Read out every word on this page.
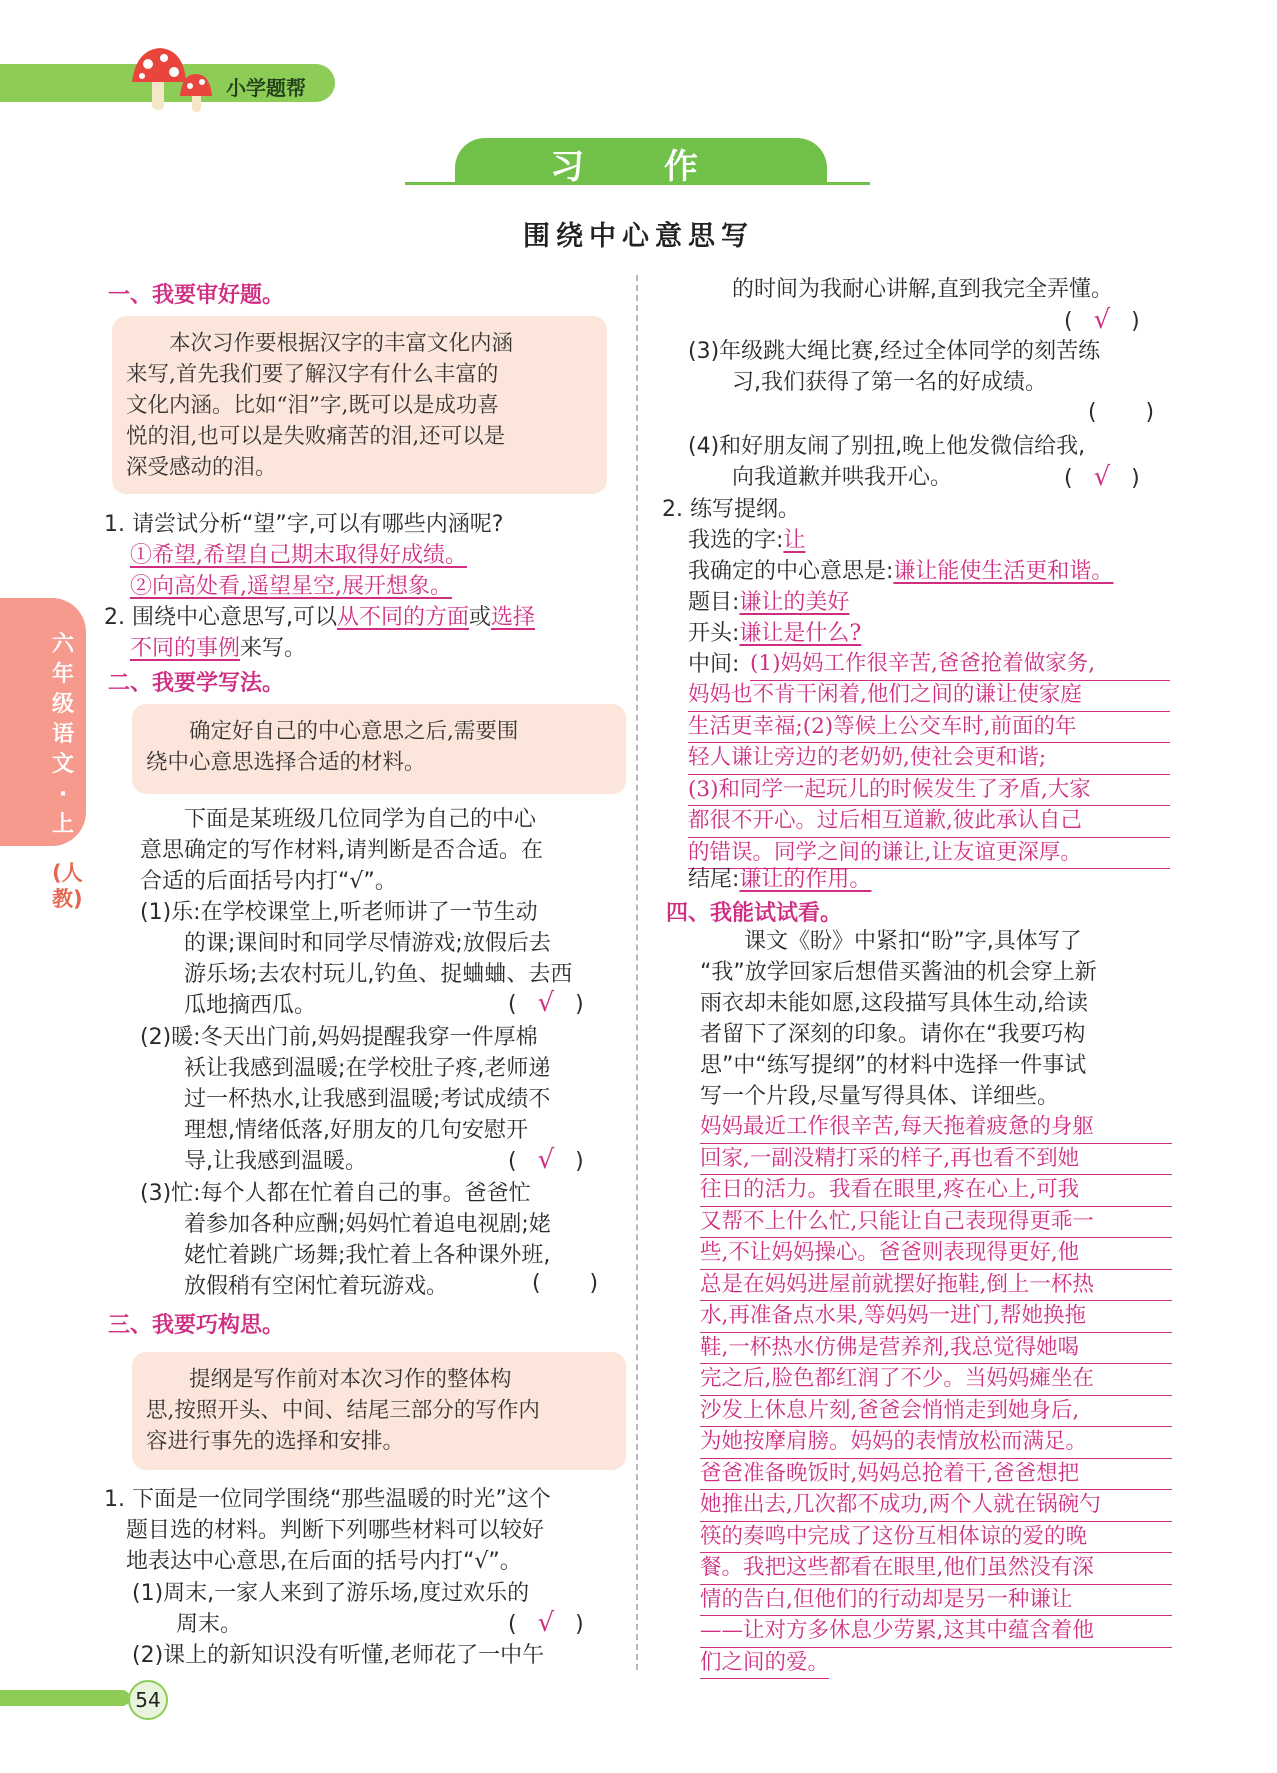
小学题帮
习 作
围绕中心意思写
六年级语文·上
(人教)
一、我要审好题。
　　本次习作要根据汉字的丰富文化内涵
来写,首先我们要了解汉字有什么丰富的
文化内涵。比如“泪”字,既可以是成功喜
悦的泪,也可以是失败痛苦的泪,还可以是
深受感动的泪。
1. 请尝试分析“望”字,可以有哪些内涵呢?
①希望,希望自己期末取得好成绩。
②向高处看,遥望星空,展开想象。
2. 围绕中心意思写,可以从不同的方面或选择
不同的事例来写。
二、我要学写法。
　　确定好自己的中心意思之后,需要围
绕中心意思选择合适的材料。
　　下面是某班级几位同学为自己的中心
意思确定的写作材料,请判断是否合适。在
合适的后面括号内打“√”。
(1)乐:在学校课堂上,听老师讲了一节生动
　　的课;课间时和同学尽情游戏;放假后去
　　游乐场;去农村玩儿,钓鱼、捉蛐蛐、去西
　　瓜地摘西瓜。	(   √   )
(2)暖:冬天出门前,妈妈提醒我穿一件厚棉
　　袄让我感到温暖;在学校肚子疼,老师递
　　过一杯热水,让我感到温暖;考试成绩不
　　理想,情绪低落,好朋友的几句安慰开
　　导,让我感到温暖。	(   √   )
(3)忙:每个人都在忙着自己的事。爸爸忙
　　着参加各种应酬;妈妈忙着追电视剧;姥
　　姥忙着跳广场舞;我忙着上各种课外班,
　　放假稍有空闲忙着玩游戏。	(       )
三、我要巧构思。
　　提纲是写作前对本次习作的整体构
思,按照开头、中间、结尾三部分的写作内
容进行事先的选择和安排。
1. 下面是一位同学围绕“那些温暖的时光”这个
　题目选的材料。判断下列哪些材料可以较好
　地表达中心意思,在后面的括号内打“√”。
(1)周末,一家人来到了游乐场,度过欢乐的
　　周末。	(   √   )
(2)课上的新知识没有听懂,老师花了一中午
的时间为我耐心讲解,直到我完全弄懂。
(   √   )
(3)年级跳大绳比赛,经过全体同学的刻苦练
　　习,我们获得了第一名的好成绩。
(       )
(4)和好朋友闹了别扭,晚上他发微信给我,
　　向我道歉并哄我开心。	(   √   )
2. 练写提纲。
我选的字:让
我确定的中心意思是:谦让能使生活更和谐。
题目:谦让的美好
开头:谦让是什么?
中间: (1)妈妈工作很辛苦,爸爸抢着做家务,
妈妈也不肯干闲着,他们之间的谦让使家庭
生活更幸福;(2)等候上公交车时,前面的年
轻人谦让旁边的老奶奶,使社会更和谐;
(3)和同学一起玩儿的时候发生了矛盾,大家
都很不开心。过后相互道歉,彼此承认自己
的错误。同学之间的谦让,让友谊更深厚。
结尾:谦让的作用。
四、我能试试看。
　　课文《盼》中紧扣“盼”字,具体写了
“我”放学回家后想借买酱油的机会穿上新
雨衣却未能如愿,这段描写具体生动,给读
者留下了深刻的印象。请你在“我要巧构
思”中“练写提纲”的材料中选择一件事试
写一个片段,尽量写得具体、详细些。
妈妈最近工作很辛苦,每天拖着疲惫的身躯
回家,一副没精打采的样子,再也看不到她
往日的活力。我看在眼里,疼在心上,可我
又帮不上什么忙,只能让自己表现得更乖一
些,不让妈妈操心。爸爸则表现得更好,他
总是在妈妈进屋前就摆好拖鞋,倒上一杯热
水,再准备点水果,等妈妈一进门,帮她换拖
鞋,一杯热水仿佛是营养剂,我总觉得她喝
完之后,脸色都红润了不少。当妈妈瘫坐在
沙发上休息片刻,爸爸会悄悄走到她身后,
为她按摩肩膀。妈妈的表情放松而满足。
爸爸准备晚饭时,妈妈总抢着干,爸爸想把
她推出去,几次都不成功,两个人就在锅碗勺
筷的奏鸣中完成了这份互相体谅的爱的晚
餐。我把这些都看在眼里,他们虽然没有深
情的告白,但他们的行动却是另一种谦让
——让对方多休息少劳累,这其中蕴含着他
们之间的爱。
54
